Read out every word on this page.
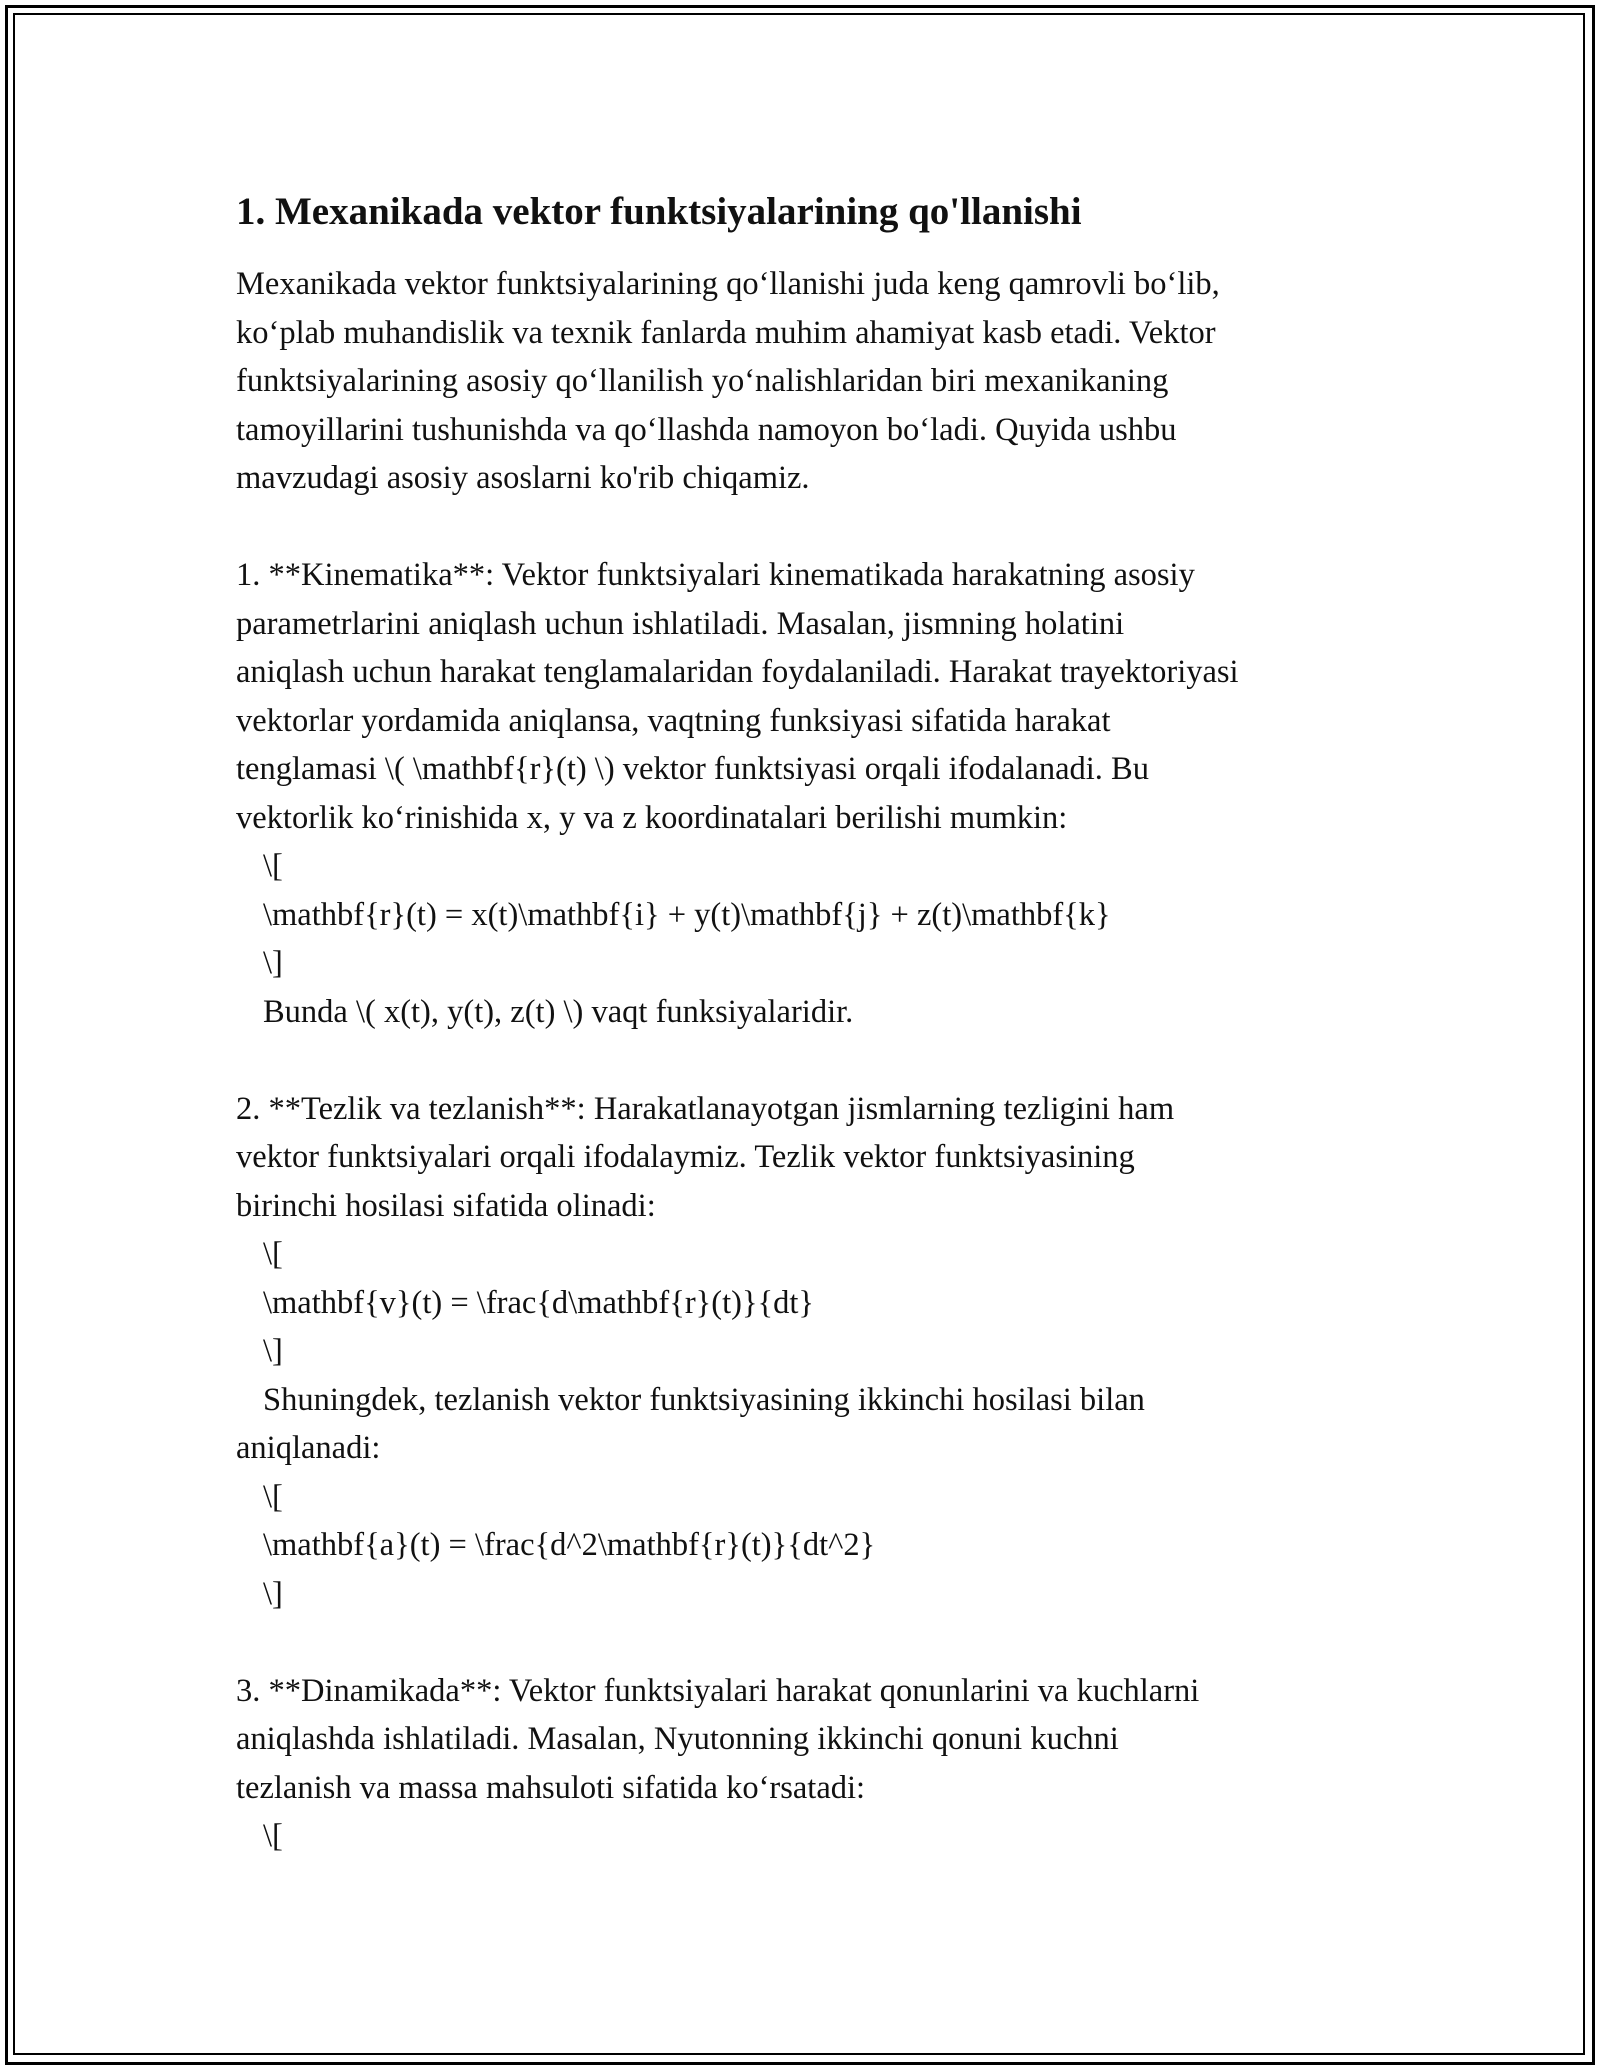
1. Mexanikada vektor funktsiyalarining qo'llanishi

Mexanikada vektor funktsiyalarining qo‘llanishi juda keng qamrovli bo‘lib,

ko‘plab muhandislik va texnik fanlarda muhim ahamiyat kasb etadi. Vektor

funktsiyalarining asosiy qo‘llanilish yo‘nalishlaridan biri mexanikaning

tamoyillarini tushunishda va qo‘llashda namoyon bo‘ladi. Quyida ushbu

mavzudagi asosiy asoslarni ko'rib chiqamiz.

1. **Kinematika**: Vektor funktsiyalari kinematikada harakatning asosiy

parametrlarini aniqlash uchun ishlatiladi. Masalan, jismning holatini

aniqlash uchun harakat tenglamalaridan foydalaniladi. Harakat trayektoriyasi

vektorlar yordamida aniqlansa, vaqtning funksiyasi sifatida harakat

tenglamasi \( \mathbf{r}(t) \) vektor funktsiyasi orqali ifodalanadi. Bu

vektorlik ko‘rinishida x, y va z koordinatalari berilishi mumkin:

\[

\mathbf{r}(t) = x(t)\mathbf{i} + y(t)\mathbf{j} + z(t)\mathbf{k}

\]

Bunda \( x(t), y(t), z(t) \) vaqt funksiyalaridir.

2. **Tezlik va tezlanish**: Harakatlanayotgan jismlarning tezligini ham

vektor funktsiyalari orqali ifodalaymiz. Tezlik vektor funktsiyasining

birinchi hosilasi sifatida olinadi:

\[

\mathbf{v}(t) = \frac{d\mathbf{r}(t)}{dt}

\]

Shuningdek, tezlanish vektor funktsiyasining ikkinchi hosilasi bilan

aniqlanadi:

\[

\mathbf{a}(t) = \frac{d^2\mathbf{r}(t)}{dt^2}

\]

3. **Dinamikada**: Vektor funktsiyalari harakat qonunlarini va kuchlarni

aniqlashda ishlatiladi. Masalan, Nyutonning ikkinchi qonuni kuchni

tezlanish va massa mahsuloti sifatida ko‘rsatadi:

\[
